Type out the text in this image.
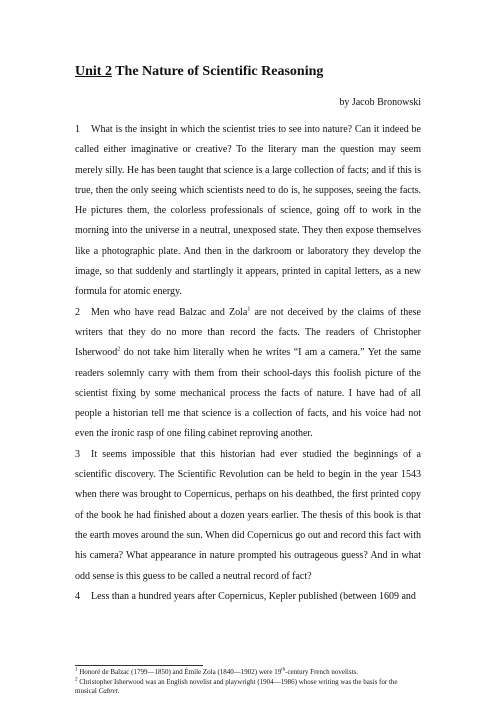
Unit 2 The Nature of Scientific Reasoning
by Jacob Bronowski

1 What is the insight in which the scientist tries to see into nature? Can it indeed be called either imaginative or creative? To the literary man the question may seem merely silly. He has been taught that science is a large collection of facts; and if this is true, then the only seeing which scientists need to do is, he supposes, seeing the facts. He pictures them, the colorless professionals of science, going off to work in the morning into the universe in a neutral, unexposed state. They then expose themselves like a photographic plate. And then in the darkroom or laboratory they develop the image, so that suddenly and startlingly it appears, printed in capital letters, as a new formula for atomic energy.

2 Men who have read Balzac and Zola$^1$ are not deceived by the claims of these writers that they do no more than record the facts. The readers of Christopher Isherwood$^2$ do not take him literally when he writes “I am a camera.” Yet the same readers solemnly carry with them from their school-days this foolish picture of the scientist fixing by some mechanical process the facts of nature. I have had of all people a historian tell me that science is a collection of facts, and his voice had not even the ironic rasp of one filing cabinet reproving another.

3 It seems impossible that this historian had ever studied the beginnings of a scientific discovery. The Scientific Revolution can be held to begin in the year 1543 when there was brought to Copernicus, perhaps on his deathbed, the first printed copy of the book he had finished about a dozen years earlier. The thesis of this book is that the earth moves around the sun. When did Copernicus go out and record this fact with his camera? What appearance in nature prompted his outrageous guess? And in what odd sense is this guess to be called a neutral record of fact?

4 Less than a hundred years after Copernicus, Kepler published (between 1609 and

$^1$ Honoré de Balzac (1799—1850) and Émile Zola (1840—1902) were 19th-century French novelists.

$^2$ Christopher Isherwood was an English novelist and playwright (1904—1986) whose writing was the basis for the musical Cabret.
